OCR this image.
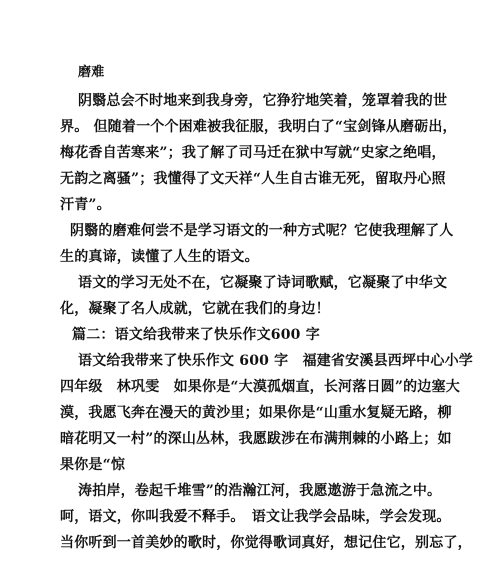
磨难

阴翳总会不时地来到我身旁，它狰狞地笑着，笼罩着我的世

界。 但随着一个个困难被我征服，我明白了“宝剑锋从磨砺出，

梅花香自苦寒来”；我了解了司马迁在狱中写就“史家之绝唱，

无韵之离骚”；我懂得了文天祥“人生自古谁无死，留取丹心照

汗青”。

阴翳的磨难何尝不是学习语文的一种方式呢？它使我理解了人

生的真谛，读懂了人生的语文。

语文的学习无处不在，它凝聚了诗词歌赋，它凝聚了中华文

化，凝聚了名人成就，它就在我们的身边！

篇二：语文给我带来了快乐作文600 字

语文给我带来了快乐作文 600 字　福建省安溪县西坪中心小学

四年级　林巩雯　如果你是“大漠孤烟直，长河落日圆”的边塞大

漠，我愿飞奔在漫天的黄沙里；如果你是“山重水复疑无路，柳

暗花明又一村”的深山丛林，我愿跋涉在布满荆棘的小路上；如

果你是“惊

涛拍岸，卷起千堆雪”的浩瀚江河，我愿遨游于急流之中。

呵，语文，你叫我爱不释手。　语文让我学会品味，学会发现。

当你听到一首美妙的歌时，你觉得歌词真好，想记住它，别忘了，
